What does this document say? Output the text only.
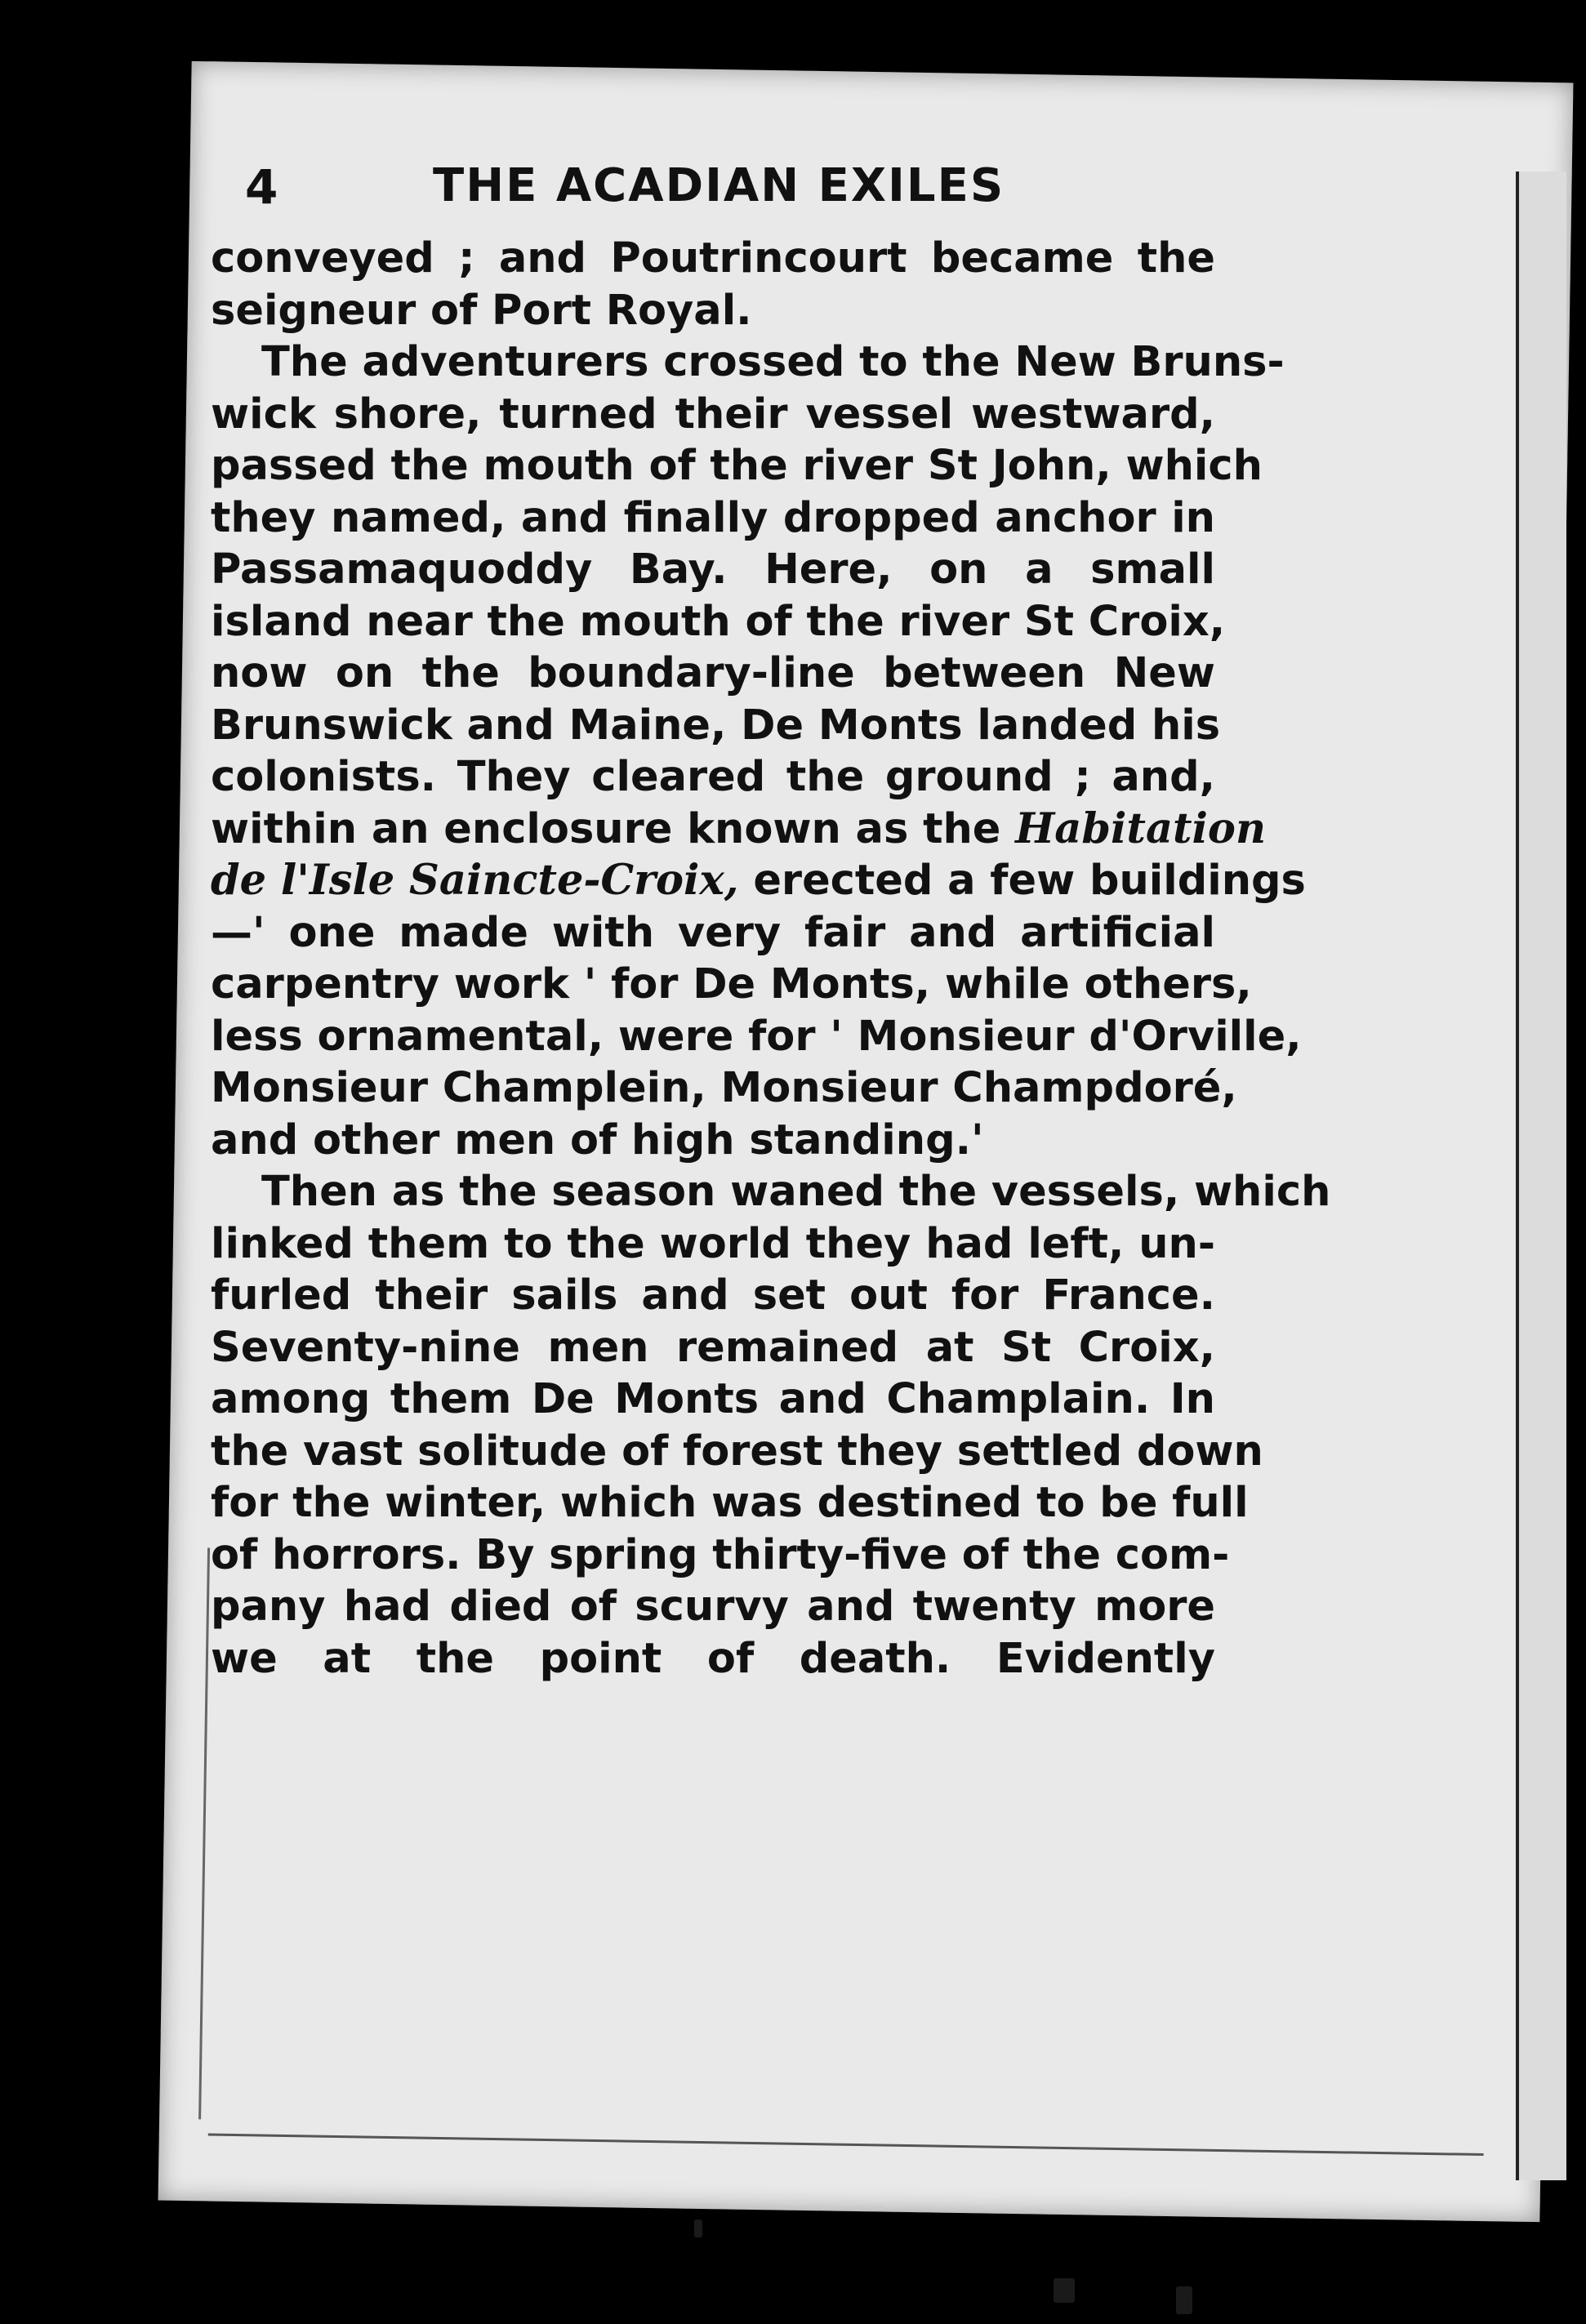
4	THE ACADIAN EXILES
conveyed ; and Poutrincourt became the
seigneur of Port Royal.
The adventurers crossed to the New Bruns-
wick shore, turned their vessel westward,
passed the mouth of the river St John, which
they named, and finally dropped anchor in
Passamaquoddy Bay. Here, on a small
island near the mouth of the river St Croix,
now on the boundary-line between New
Brunswick and Maine, De Monts landed his
colonists. They cleared the ground ; and,
within an enclosure known as the Habitation
de l'Isle Saincte-Croix, erected a few buildings
—' one made with very fair and artificial
carpentry work ' for De Monts, while others,
less ornamental, were for ' Monsieur d'Orville,
Monsieur Champlein, Monsieur Champdoré,
and other men of high standing.'
Then as the season waned the vessels, which
linked them to the world they had left, un-
furled their sails and set out for France.
Seventy-nine men remained at St Croix,
among them De Monts and Champlain. In
the vast solitude of forest they settled down
for the winter, which was destined to be full
of horrors. By spring thirty-five of the com-
pany had died of scurvy and twenty more
we at the point of death. Evidently
